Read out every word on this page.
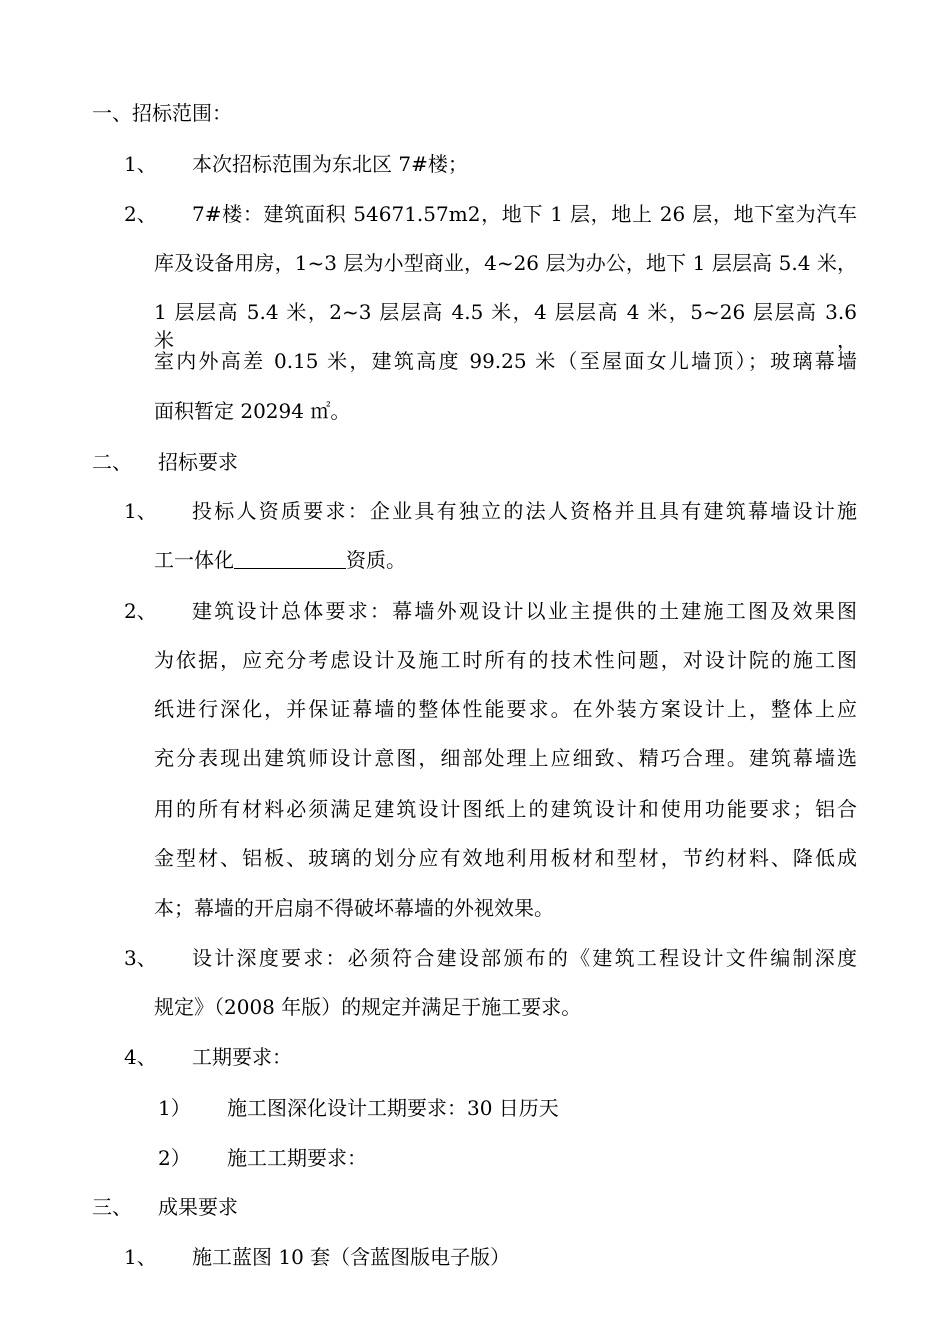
一、招标范围：
1、 本次招标范围为东北区 7#楼；
2、 7#楼：建筑面积 54671.57m2，地下 1 层，地上 26 层，地下室为汽车
库及设备用房，1~3 层为小型商业，4~26 层为办公，地下 1 层层高 5.4 米，
1 层层高 5.4 米，2~3 层层高 4.5 米，4 层层高 4 米，5~26 层层高 3.6 米，
室内外高差 0.15 米，建筑高度 99.25 米（至屋面女儿墙顶）；玻璃幕墙
面积暂定 20294 ㎡。
二、 招标要求
1、 投标人资质要求：企业具有独立的法人资格并且具有建筑幕墙设计施
工一体化	资质。
2、 建筑设计总体要求：幕墙外观设计以业主提供的土建施工图及效果图
为依据，应充分考虑设计及施工时所有的技术性问题，对设计院的施工图
纸进行深化，并保证幕墙的整体性能要求。在外装方案设计上，整体上应
充分表现出建筑师设计意图，细部处理上应细致、精巧合理。建筑幕墙选
用的所有材料必须满足建筑设计图纸上的建筑设计和使用功能要求；铝合
金型材、铝板、玻璃的划分应有效地利用板材和型材，节约材料、降低成
本；幕墙的开启扇不得破坏幕墙的外视效果。
3、 设计深度要求：必须符合建设部颁布的《建筑工程设计文件编制深度
规定》（2008 年版）的规定并满足于施工要求。
4、 工期要求：
1） 施工图深化设计工期要求：30 日历天
2） 施工工期要求：
三、 成果要求
1、 施工蓝图 10 套（含蓝图版电子版）
